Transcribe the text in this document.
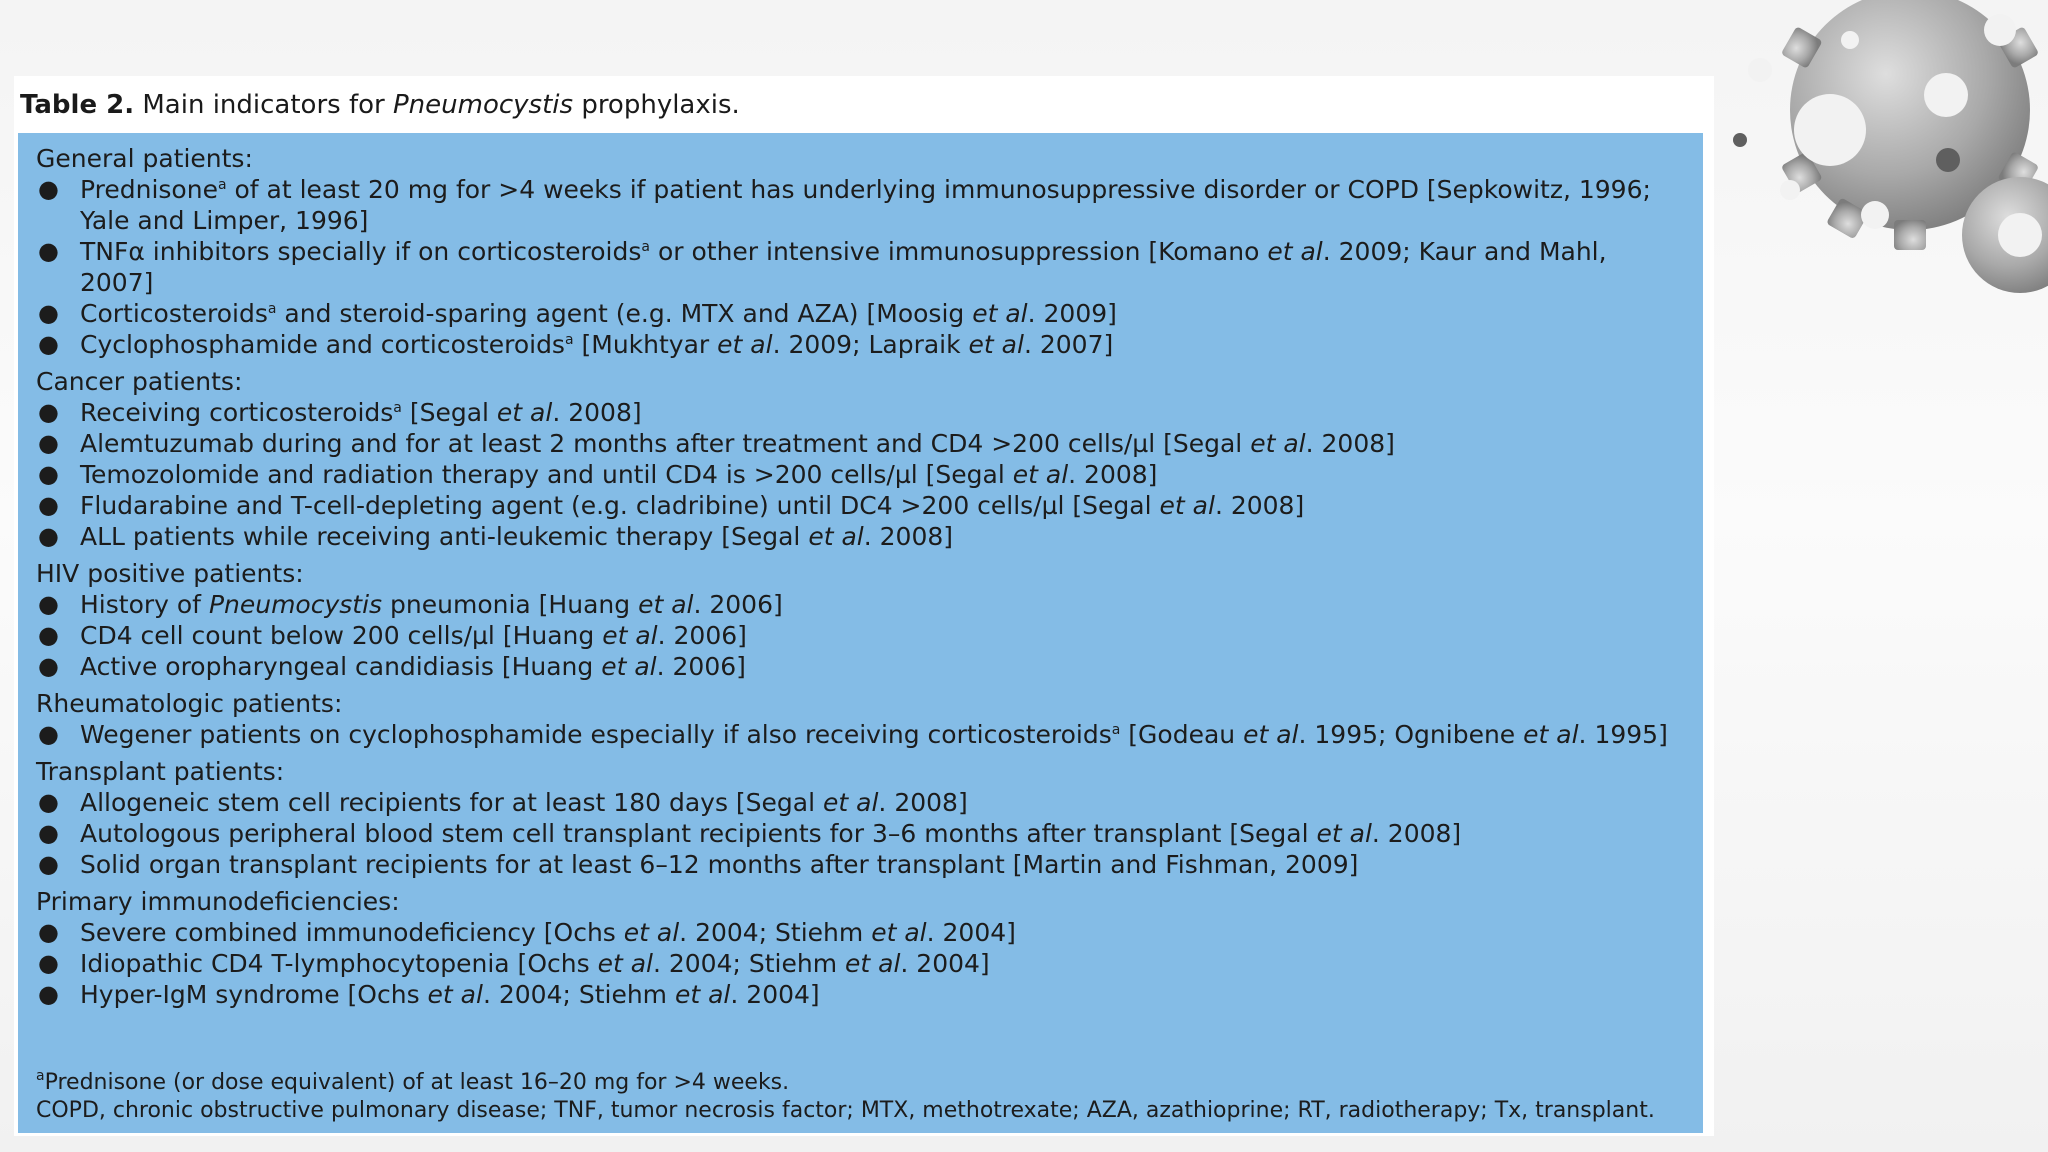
Table 2. Main indicators for Pneumocystis prophylaxis.
General patients:
● Prednisone$^a$ of at least 20 mg for >4 weeks if patient has underlying immunosuppressive disorder or COPD [Sepkowitz, 1996; Yale and Limper, 1996]
● TNFα inhibitors specially if on corticosteroids$^a$ or other intensive immunosuppression [Komano et al. 2009; Kaur and Mahl, 2007]
● Corticosteroids$^a$ and steroid-sparing agent (e.g. MTX and AZA) [Moosig et al. 2009]
● Cyclophosphamide and corticosteroids$^a$ [Mukhtyar et al. 2009; Lapraik et al. 2007]
Cancer patients:
● Receiving corticosteroids$^a$ [Segal et al. 2008]
● Alemtuzumab during and for at least 2 months after treatment and CD4 >200 cells/µl [Segal et al. 2008]
● Temozolomide and radiation therapy and until CD4 is >200 cells/µl [Segal et al. 2008]
● Fludarabine and T-cell-depleting agent (e.g. cladribine) until DC4 >200 cells/µl [Segal et al. 2008]
● ALL patients while receiving anti-leukemic therapy [Segal et al. 2008]
HIV positive patients:
● History of Pneumocystis pneumonia [Huang et al. 2006]
● CD4 cell count below 200 cells/µl [Huang et al. 2006]
● Active oropharyngeal candidiasis [Huang et al. 2006]
Rheumatologic patients:
● Wegener patients on cyclophosphamide especially if also receiving corticosteroids$^a$ [Godeau et al. 1995; Ognibene et al. 1995]
Transplant patients:
● Allogeneic stem cell recipients for at least 180 days [Segal et al. 2008]
● Autologous peripheral blood stem cell transplant recipients for 3–6 months after transplant [Segal et al. 2008]
● Solid organ transplant recipients for at least 6–12 months after transplant [Martin and Fishman, 2009]
Primary immunodeficiencies:
● Severe combined immunodeficiency [Ochs et al. 2004; Stiehm et al. 2004]
● Idiopathic CD4 T-lymphocytopenia [Ochs et al. 2004; Stiehm et al. 2004]
● Hyper-IgM syndrome [Ochs et al. 2004; Stiehm et al. 2004]
$^a$Prednisone (or dose equivalent) of at least 16–20 mg for >4 weeks.
COPD, chronic obstructive pulmonary disease; TNF, tumor necrosis factor; MTX, methotrexate; AZA, azathioprine; RT, radiotherapy; Tx, transplant.
